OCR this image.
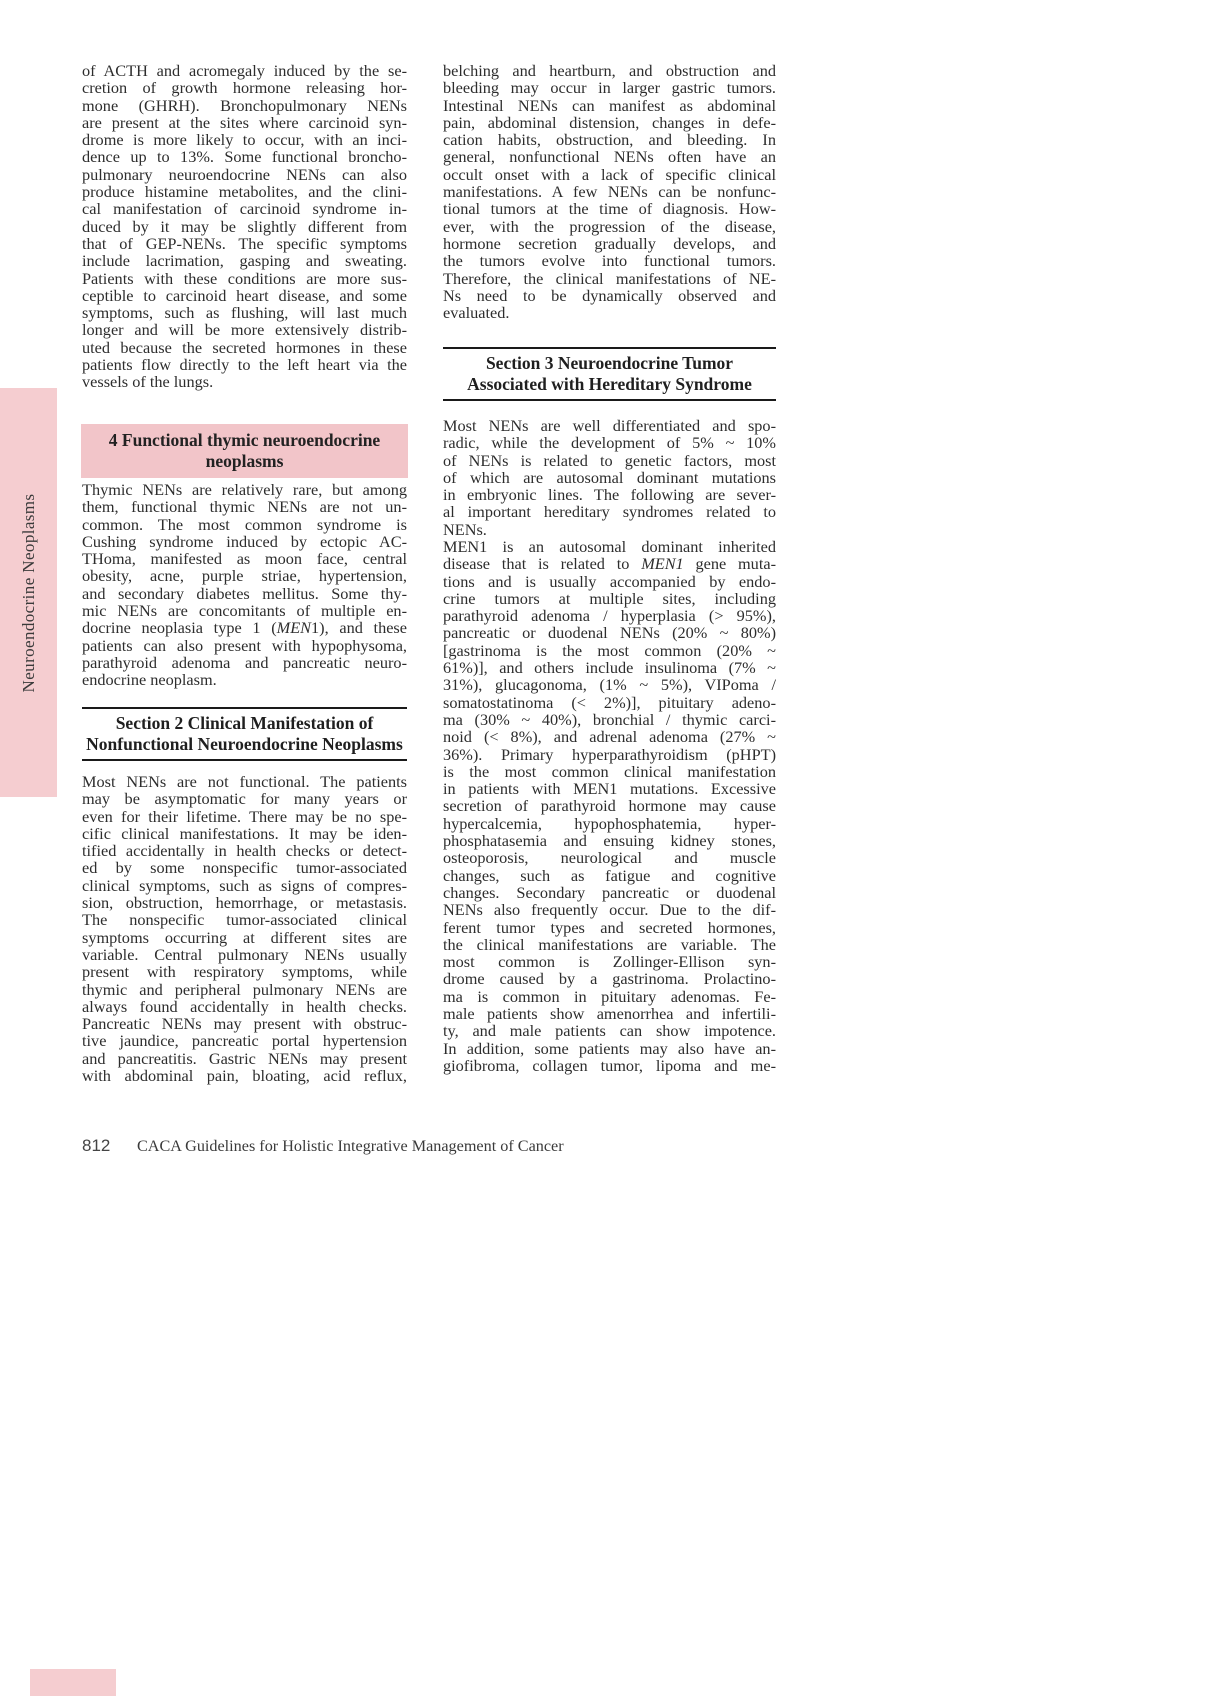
Neuroendocrine Neoplasms
of ACTH and acromegaly induced by the se-
cretion of growth hormone releasing hor-
mone (GHRH). Bronchopulmonary NENs
are present at the sites where carcinoid syn-
drome is more likely to occur, with an inci-
dence up to 13%. Some functional broncho-
pulmonary neuroendocrine NENs can also
produce histamine metabolites, and the clini-
cal manifestation of carcinoid syndrome in-
duced by it may be slightly different from
that of GEP-NENs. The specific symptoms
include lacrimation, gasping and sweating.
Patients with these conditions are more sus-
ceptible to carcinoid heart disease, and some
symptoms, such as flushing, will last much
longer and will be more extensively distrib-
uted because the secreted hormones in these
patients flow directly to the left heart via the
vessels of the lungs.
4 Functional thymic neuroendocrine
neoplasms
Thymic NENs are relatively rare, but among
them, functional thymic NENs are not un-
common. The most common syndrome is
Cushing syndrome induced by ectopic AC-
THoma, manifested as moon face, central
obesity, acne, purple striae, hypertension,
and secondary diabetes mellitus. Some thy-
mic NENs are concomitants of multiple en-
docrine neoplasia type 1 (MEN1), and these
patients can also present with hypophysoma,
parathyroid adenoma and pancreatic neuro-
endocrine neoplasm.
Section 2 Clinical Manifestation of
Nonfunctional Neuroendocrine Neoplasms
Most NENs are not functional. The patients
may be asymptomatic for many years or
even for their lifetime. There may be no spe-
cific clinical manifestations. It may be iden-
tified accidentally in health checks or detect-
ed by some nonspecific tumor-associated
clinical symptoms, such as signs of compres-
sion, obstruction, hemorrhage, or metastasis.
The nonspecific tumor-associated clinical
symptoms occurring at different sites are
variable. Central pulmonary NENs usually
present with respiratory symptoms, while
thymic and peripheral pulmonary NENs are
always found accidentally in health checks.
Pancreatic NENs may present with obstruc-
tive jaundice, pancreatic portal hypertension
and pancreatitis. Gastric NENs may present
with abdominal pain, bloating, acid reflux,
belching and heartburn, and obstruction and
bleeding may occur in larger gastric tumors.
Intestinal NENs can manifest as abdominal
pain, abdominal distension, changes in defe-
cation habits, obstruction, and bleeding. In
general, nonfunctional NENs often have an
occult onset with a lack of specific clinical
manifestations. A few NENs can be nonfunc-
tional tumors at the time of diagnosis. How-
ever, with the progression of the disease,
hormone secretion gradually develops, and
the tumors evolve into functional tumors.
Therefore, the clinical manifestations of NE-
Ns need to be dynamically observed and
evaluated.
Section 3 Neuroendocrine Tumor
Associated with Hereditary Syndrome
Most NENs are well differentiated and spo-
radic, while the development of 5% ~ 10%
of NENs is related to genetic factors, most
of which are autosomal dominant mutations
in embryonic lines. The following are sever-
al important hereditary syndromes related to
NENs.
MEN1 is an autosomal dominant inherited
disease that is related to MEN1 gene muta-
tions and is usually accompanied by endo-
crine tumors at multiple sites, including
parathyroid adenoma / hyperplasia (> 95%),
pancreatic or duodenal NENs (20% ~ 80%)
[gastrinoma is the most common (20% ~
61%)], and others include insulinoma (7% ~
31%), glucagonoma, (1% ~ 5%), VIPoma /
somatostatinoma (< 2%)], pituitary adeno-
ma (30% ~ 40%), bronchial / thymic carci-
noid (< 8%), and adrenal adenoma (27% ~
36%). Primary hyperparathyroidism (pHPT)
is the most common clinical manifestation
in patients with MEN1 mutations. Excessive
secretion of parathyroid hormone may cause
hypercalcemia, hypophosphatemia, hyper-
phosphatasemia and ensuing kidney stones,
osteoporosis, neurological and muscle
changes, such as fatigue and cognitive
changes. Secondary pancreatic or duodenal
NENs also frequently occur. Due to the dif-
ferent tumor types and secreted hormones,
the clinical manifestations are variable. The
most common is Zollinger-Ellison syn-
drome caused by a gastrinoma. Prolactino-
ma is common in pituitary adenomas. Fe-
male patients show amenorrhea and infertili-
ty, and male patients can show impotence.
In addition, some patients may also have an-
giofibroma, collagen tumor, lipoma and me-
812 CACA Guidelines for Holistic Integrative Management of Cancer
